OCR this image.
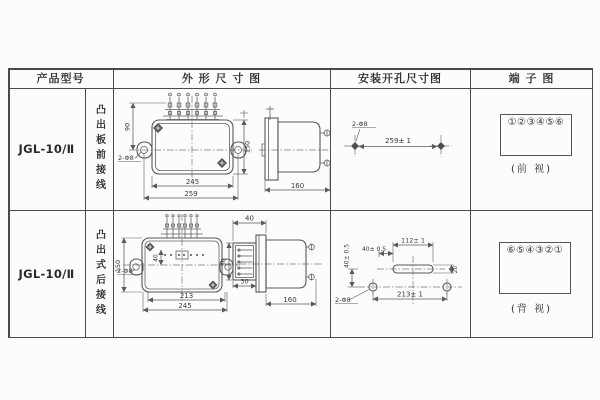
产品型号	外 形 尺 寸 图	安装开孔尺寸图	端 子 图
JGL-10/Ⅱ	凸出板前接线
JGL-10/Ⅱ	凸出式后接线
90
150
245
259
160
2-Φ8
2-Φ8
259± 1
①②③④⑤⑥
(前 视)
150
40
213
245
2-Φ8
40
50
30
160
112± 1
40± 0.5
40± 0.5
20
213± 1
2-Φ8
⑥⑤④③②①
(背 视)
